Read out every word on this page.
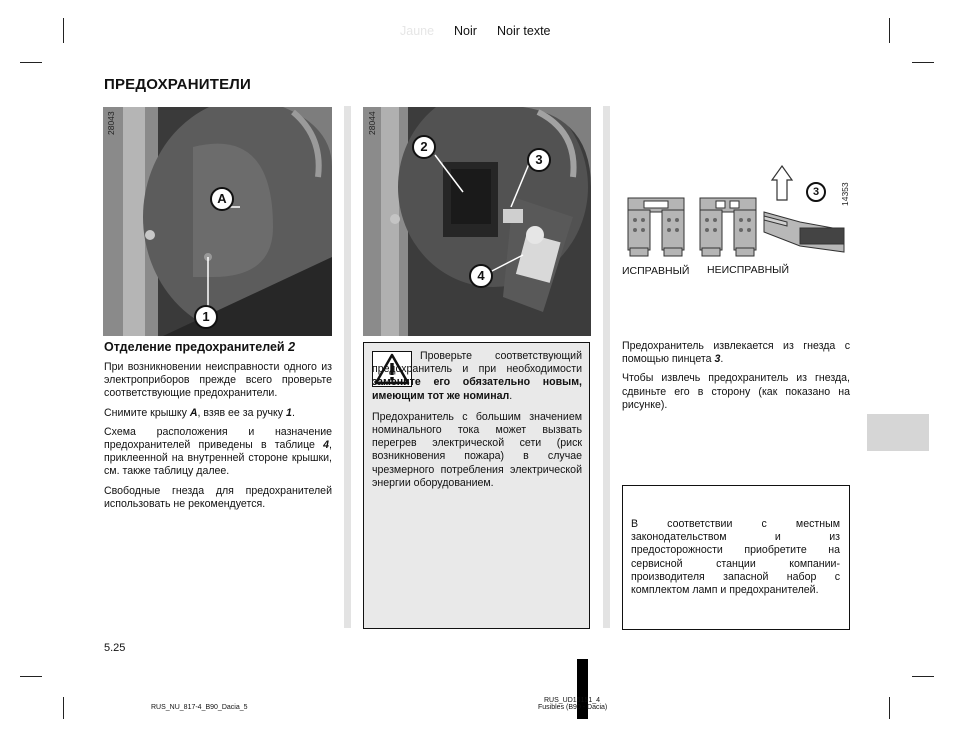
Jaune Noir Noir texte
ПРЕДОХРАНИТЕЛИ
28043
A
1
28044
2
3
4
3	14353
ИСПРАВНЫЙ НЕИСПРАВНЫЙ
Отделение предохранителей 2

При возникновении неисправности одного из электроприборов прежде всего проверьте соответствующие предохранители.

Снимите крышку A, взяв ее за ручку 1.

Схема расположения и назначение предохранителей приведены в таблице 4, приклеенной на внутренней стороне крышки, см. также таблицу далее.

Свободные гнезда для предохранителей использовать не рекомендуется.

Проверьте соответствующий предохранитель и при необходимости замените его обязательно новым, имеющим тот же номинал.

Предохранитель с большим значением номинального тока может вызвать перегрев электрической сети (риск возникновения пожара) в случае чрезмерного потребления электрической энергии оборудованием.

Предохранитель извлекается из гнезда с помощью пинцета 3.

Чтобы извлечь предохранитель из гнезда, сдвиньте его в сторону (как показано на рисунке).

В соответствии с местным законодательством и из предосторожности приобретите на сервисной станции компании-производителя запасной набор с комплектом ламп и предохранителей.
5.25
RUS_NU_817-4_B90_Dacia_5
RUS_UD15151_4
Fusibles (B90 - Dacia)
